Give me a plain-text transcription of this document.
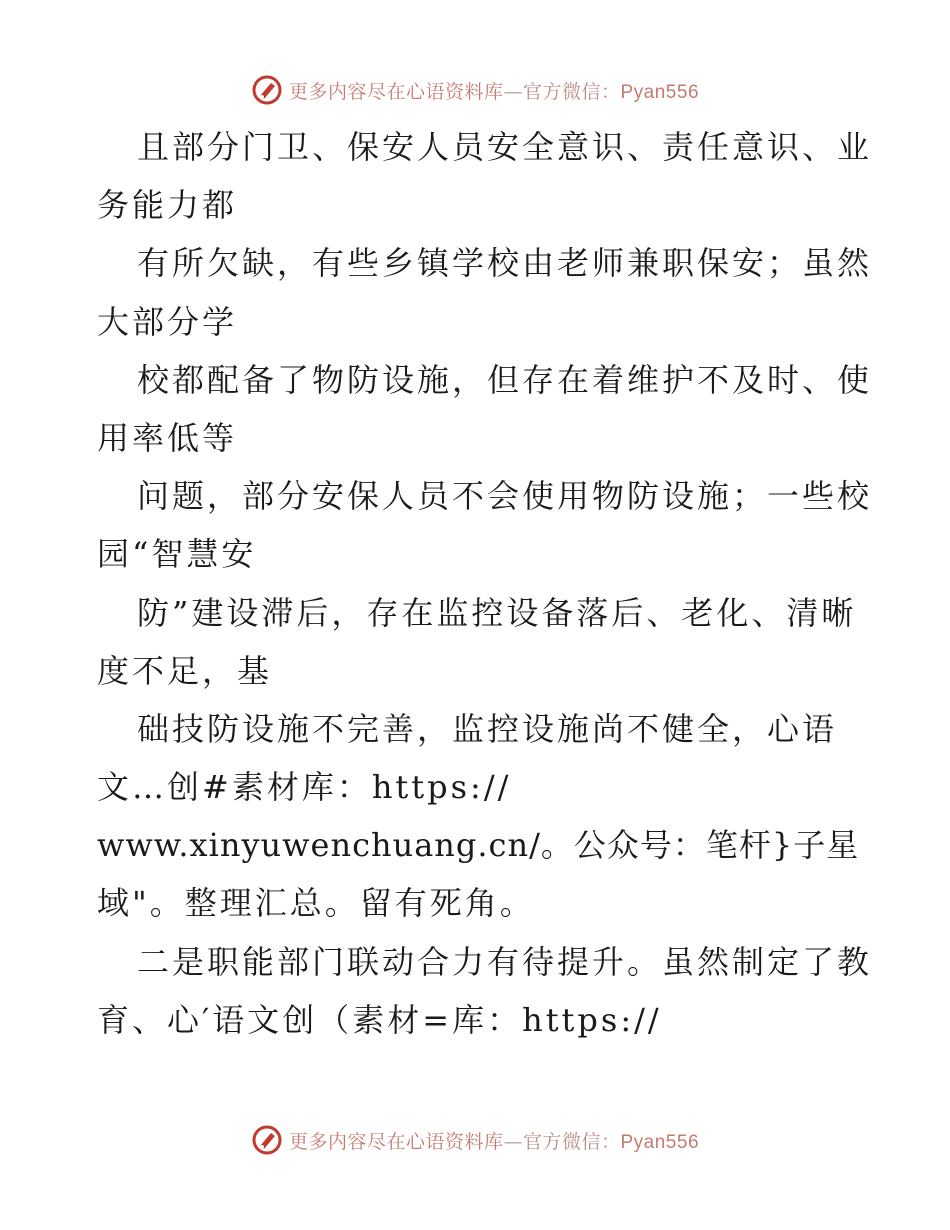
更多内容尽在心语资料库—官方微信：Pyan556
且部分门卫、保安人员安全意识、责任意识、业
务能力都
有所欠缺，有些乡镇学校由老师兼职保安；虽然
大部分学
校都配备了物防设施，但存在着维护不及时、使
用率低等
问题，部分安保人员不会使用物防设施；一些校
园“智慧安
防”建设滞后，存在监控设备落后、老化、清晰
度不足，基
础技防设施不完善，监控设施尚不健全，心语
文…创#素材库：https://
www.xinyuwenchuang.cn/。公众号：笔杆}子星
域"。整理汇总。留有死角。
二是职能部门联动合力有待提升。虽然制定了教
育、心′语文创（素材=库：https://
更多内容尽在心语资料库—官方微信：Pyan556
